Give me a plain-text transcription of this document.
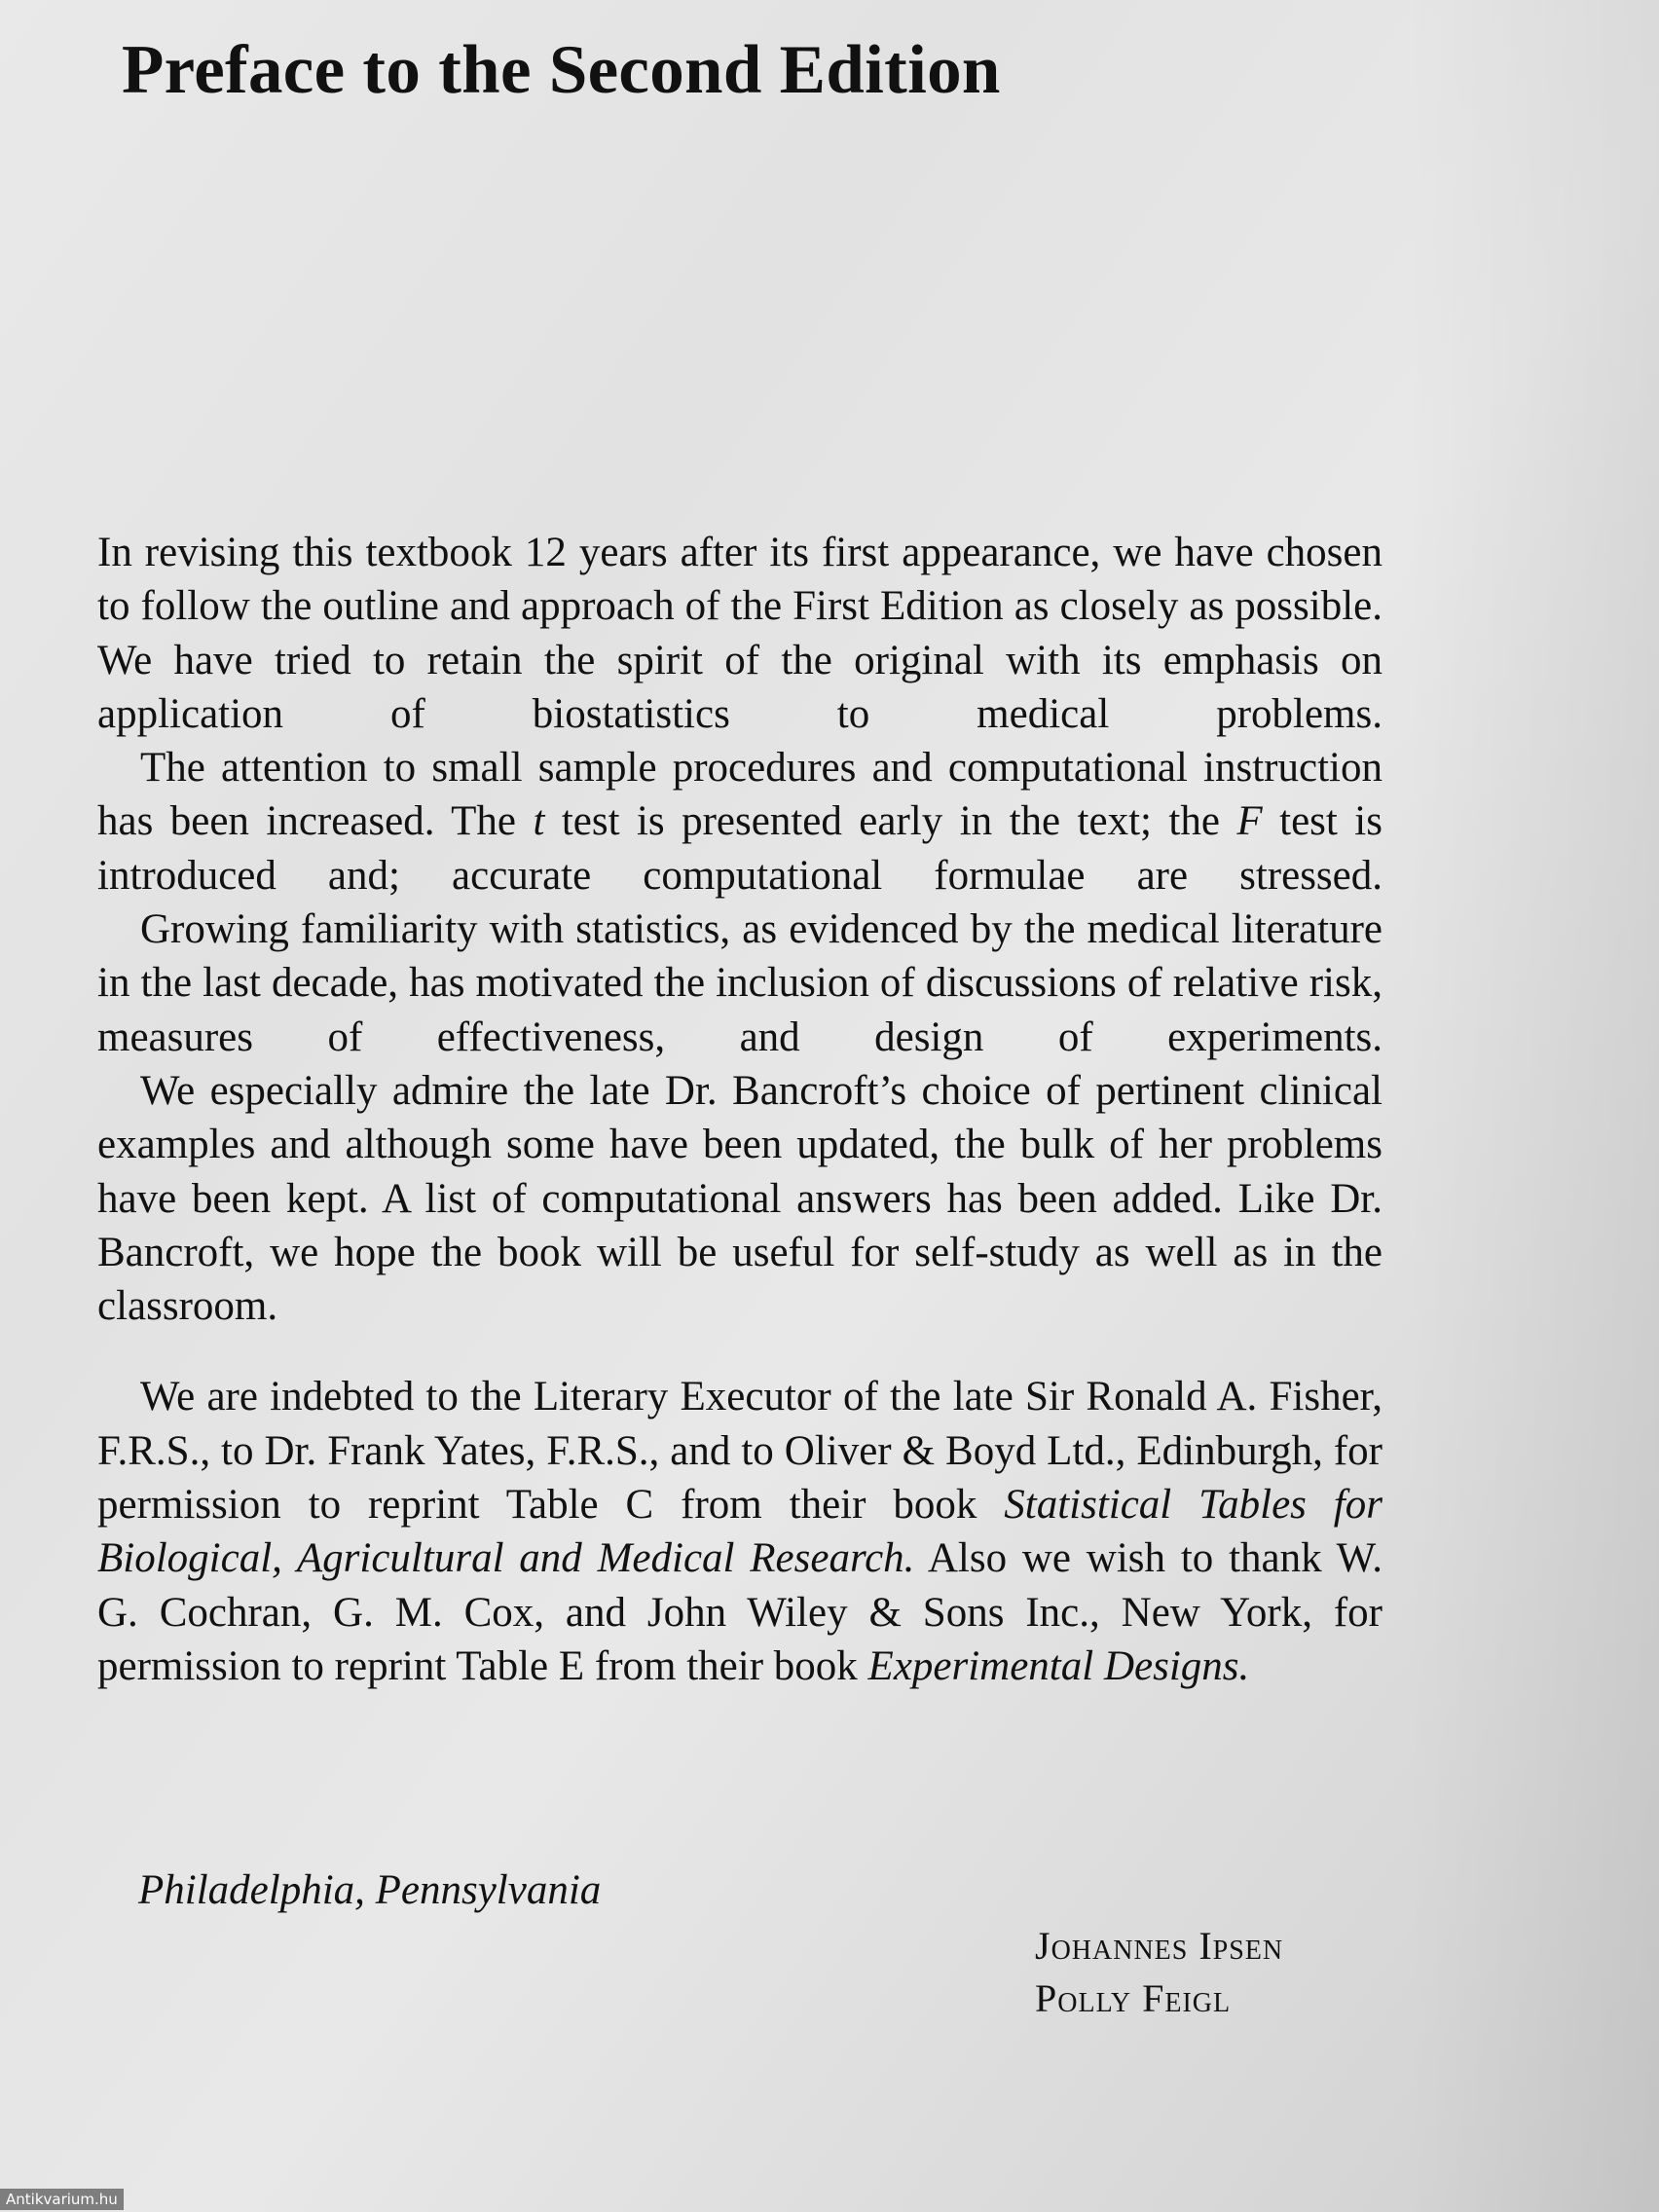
Preface to the Second Edition

In revising this textbook 12 years after its first appearance, we have chosen to follow the outline and approach of the First Edition as closely as possible. We have tried to retain the spirit of the original with its emphasis on application of biostatistics to medical problems.

The attention to small sample procedures and computational instruction has been increased. The t test is presented early in the text; the F test is introduced and; accurate computational formulae are stressed.

Growing familiarity with statistics, as evidenced by the medical literature in the last decade, has motivated the inclusion of discussions of relative risk, measures of effectiveness, and design of experiments.

We especially admire the late Dr. Bancroft’s choice of pertinent clinical examples and although some have been updated, the bulk of her problems have been kept. A list of computational answers has been added. Like Dr. Bancroft, we hope the book will be useful for self-study as well as in the classroom.

We are indebted to the Literary Executor of the late Sir Ronald A. Fisher, F.R.S., to Dr. Frank Yates, F.R.S., and to Oliver & Boyd Ltd., Edinburgh, for permission to reprint Table C from their book Statistical Tables for Biological, Agricultural and Medical Research. Also we wish to thank W. G. Cochran, G. M. Cox, and John Wiley & Sons Inc., New York, for permission to reprint Table E from their book Experimental Designs.

Philadelphia, Pennsylvania
Johannes Ipsen
Polly Feigl
Antikvarium.hu
